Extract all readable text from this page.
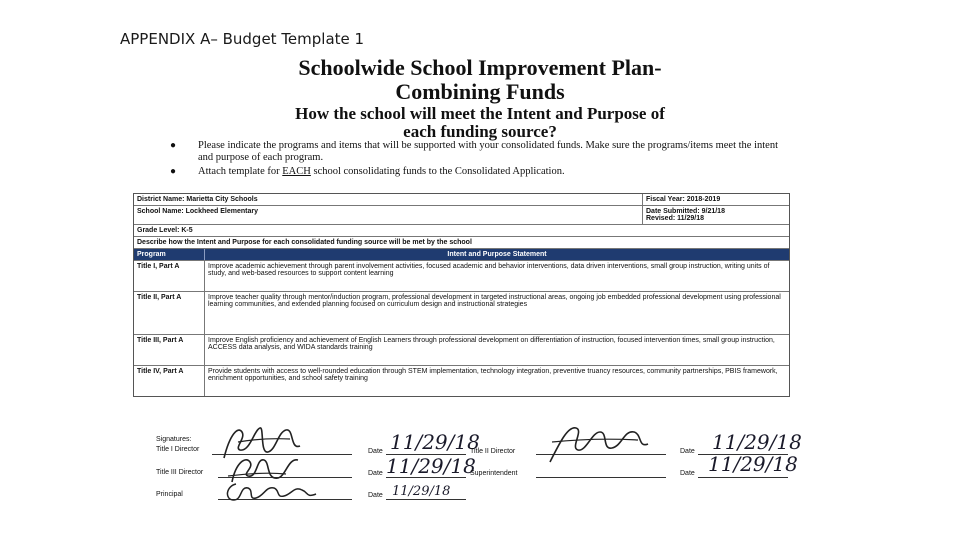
APPENDIX A– Budget Template 1
Schoolwide School Improvement Plan-
Combining Funds
How the school will meet the Intent and Purpose of
each funding source?
● Please indicate the programs and items that will be supported with your consolidated funds. Make sure the programs/items meet the intent and purpose of each program.
● Attach template for EACH school consolidating funds to the Consolidated Application.
District Name: Marietta City Schools	Fiscal Year: 2018-2019
School Name: Lockheed Elementary	Date Submitted: 9/21/18
Revised: 11/29/18
Grade Level: K-5
Describe how the Intent and Purpose for each consolidated funding source will be met by the school
Program	Intent and Purpose Statement
Title I, Part A	Improve academic achievement through parent involvement activities, focused academic and behavior interventions, data driven interventions, small group instruction, writing units of study, and web-based resources to support content learning
Title II, Part A	Improve teacher quality through mentor/induction program, professional development in targeted instructional areas, ongoing job embedded professional development using professional learning communities, and extended planning focused on curriculum design and instructional strategies
Title III, Part A	Improve English proficiency and achievement of English Learners through professional development on differentiation of instruction, focused intervention times, small group instruction, ACCESS data analysis, and WIDA standards training
Title IV, Part A	Provide students with access to well-rounded education through STEM implementation, technology integration, preventive truancy resources, community partnerships, PBIS framework, enrichment opportunities, and school safety training
Signatures:
Title I Director	Date 11/29/18
Title III Director	Date 11/29/18
Principal	Date 11/29/18
Title II Director	Date 11/29/18
Superintendent	Date 11/29/18
